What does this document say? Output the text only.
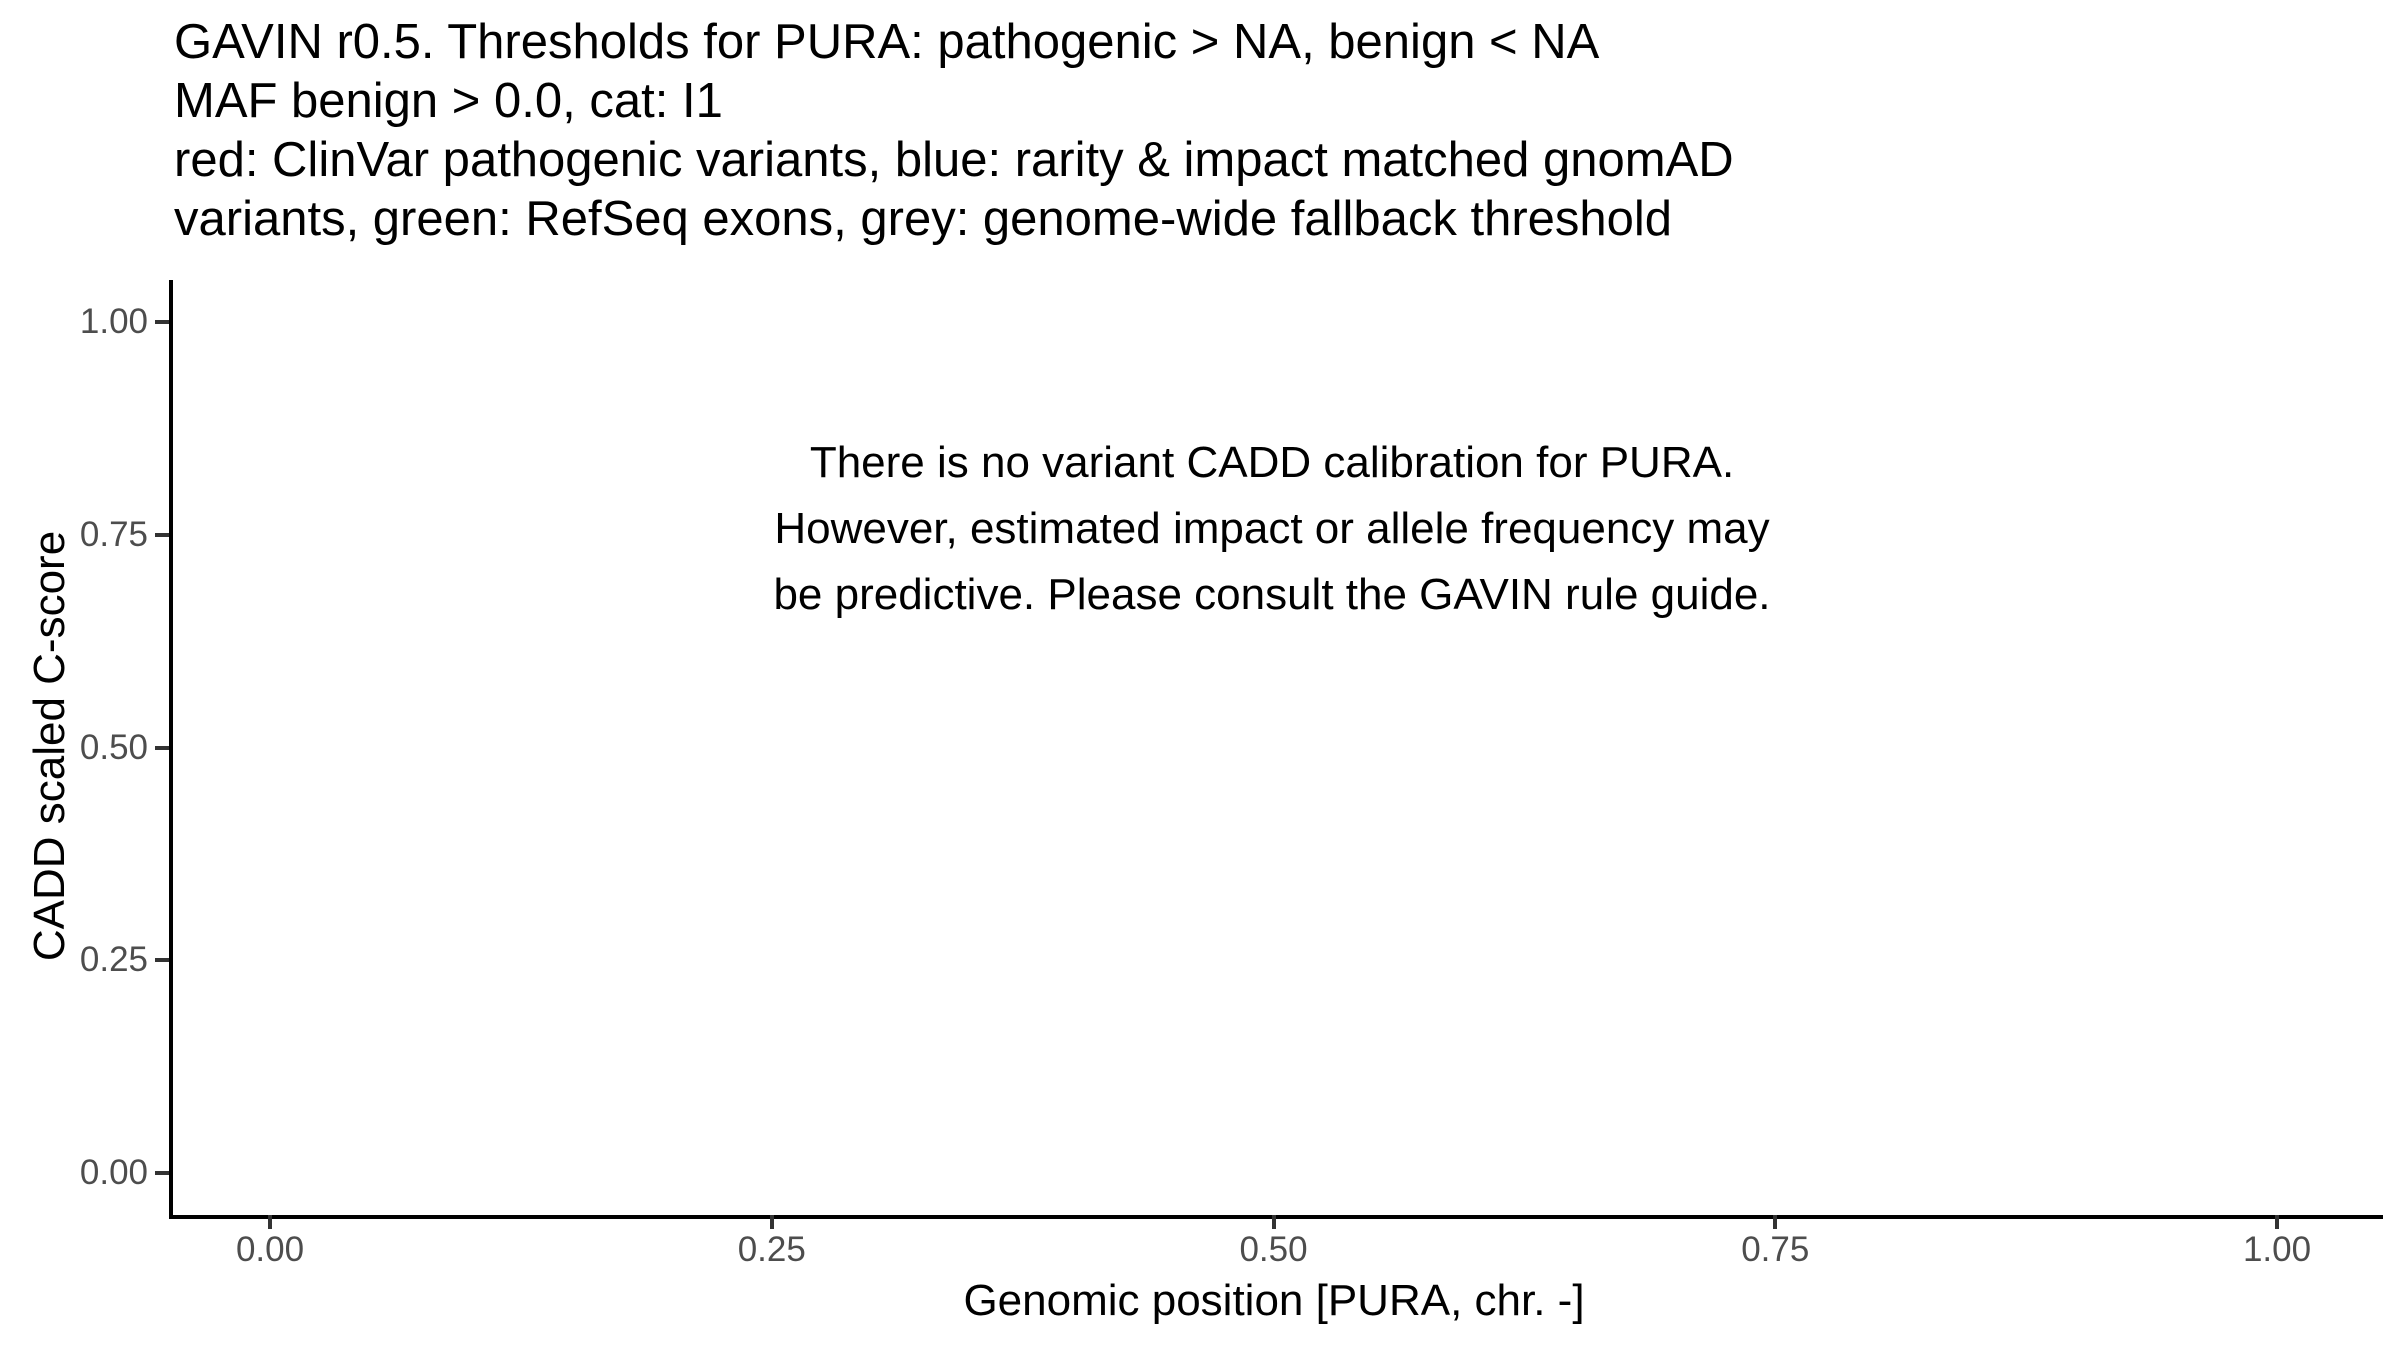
GAVIN r0.5. Thresholds for PURA: pathogenic > NA, benign < NA
MAF benign > 0.0, cat: I1
red: ClinVar pathogenic variants, blue: rarity & impact matched gnomAD
variants, green: RefSeq exons, grey: genome-wide fallback threshold
There is no variant CADD calibration for PURA.
However, estimated impact or allele frequency may
be predictive. Please consult the GAVIN rule guide.
CADD scaled C-score
Genomic position [PURA, chr. -]
0.00	0.25	0.50	0.75	1.00
0.00
0.25
0.50
0.75
1.00
